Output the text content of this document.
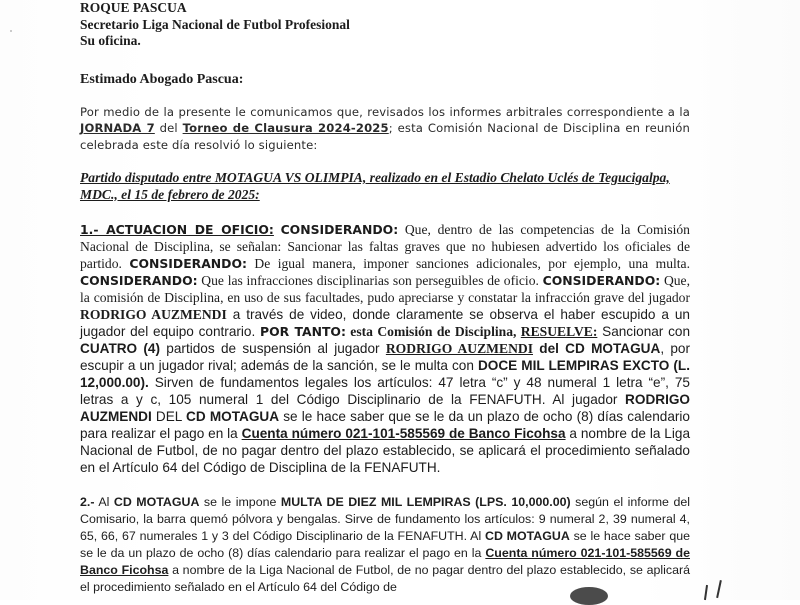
ROQUE PASCUA
Secretario Liga Nacional de Futbol Profesional
Su oficina.
Estimado Abogado Pascua:
Por medio de la presente le comunicamos que, revisados los informes arbitrales correspondiente a la JORNADA 7 del Torneo de Clausura 2024-2025; esta Comisión Nacional de Disciplina en reunión celebrada este día resolvió lo siguiente:
Partido disputado entre MOTAGUA VS OLIMPIA, realizado en el Estadio Chelato Uclés de Tegucigalpa, MDC., el 15 de febrero de 2025:
1.- ACTUACION DE OFICIO: CONSIDERANDO: Que, dentro de las competencias de la Comisión Nacional de Disciplina, se señalan: Sancionar las faltas graves que no hubiesen advertido los oficiales de partido. CONSIDERANDO: De igual manera, imponer sanciones adicionales, por ejemplo, una multa. CONSIDERANDO: Que las infracciones disciplinarias son perseguibles de oficio. CONSIDERANDO: Que, la comisión de Disciplina, en uso de sus facultades, pudo apreciarse y constatar la infracción grave del jugador RODRIGO AUZMENDI a través de video, donde claramente se observa el haber escupido a un jugador del equipo contrario. POR TANTO: esta Comisión de Disciplina, RESUELVE: Sancionar con CUATRO (4) partidos de suspensión al jugador RODRIGO AUZMENDI del CD MOTAGUA, por escupir a un jugador rival; además de la sanción, se le multa con DOCE MIL LEMPIRAS EXCTO (L. 12,000.00). Sirven de fundamentos legales los artículos: 47 letra “c” y 48 numeral 1 letra “e”, 75 letras a y c, 105 numeral 1 del Código Disciplinario de la FENAFUTH. Al jugador RODRIGO AUZMENDI DEL CD MOTAGUA se le hace saber que se le da un plazo de ocho (8) días calendario para realizar el pago en la Cuenta número 021-101-585569 de Banco Ficohsa a nombre de la Liga Nacional de Futbol, de no pagar dentro del plazo establecido, se aplicará el procedimiento señalado en el Artículo 64 del Código de Disciplina de la FENAFUTH.
2.- Al CD MOTAGUA se le impone MULTA DE DIEZ MIL LEMPIRAS (LPS. 10,000.00) según el informe del Comisario, la barra quemó pólvora y bengalas. Sirve de fundamento los artículos: 9 numeral 2, 39 numeral 4, 65, 66, 67 numerales 1 y 3 del Código Disciplinario de la FENAFUTH. Al CD MOTAGUA se le hace saber que se le da un plazo de ocho (8) días calendario para realizar el pago en la Cuenta número 021-101-585569 de Banco Ficohsa a nombre de la Liga Nacional de Futbol, de no pagar dentro del plazo establecido, se aplicará el procedimiento señalado en el Artículo 64 del Código de
